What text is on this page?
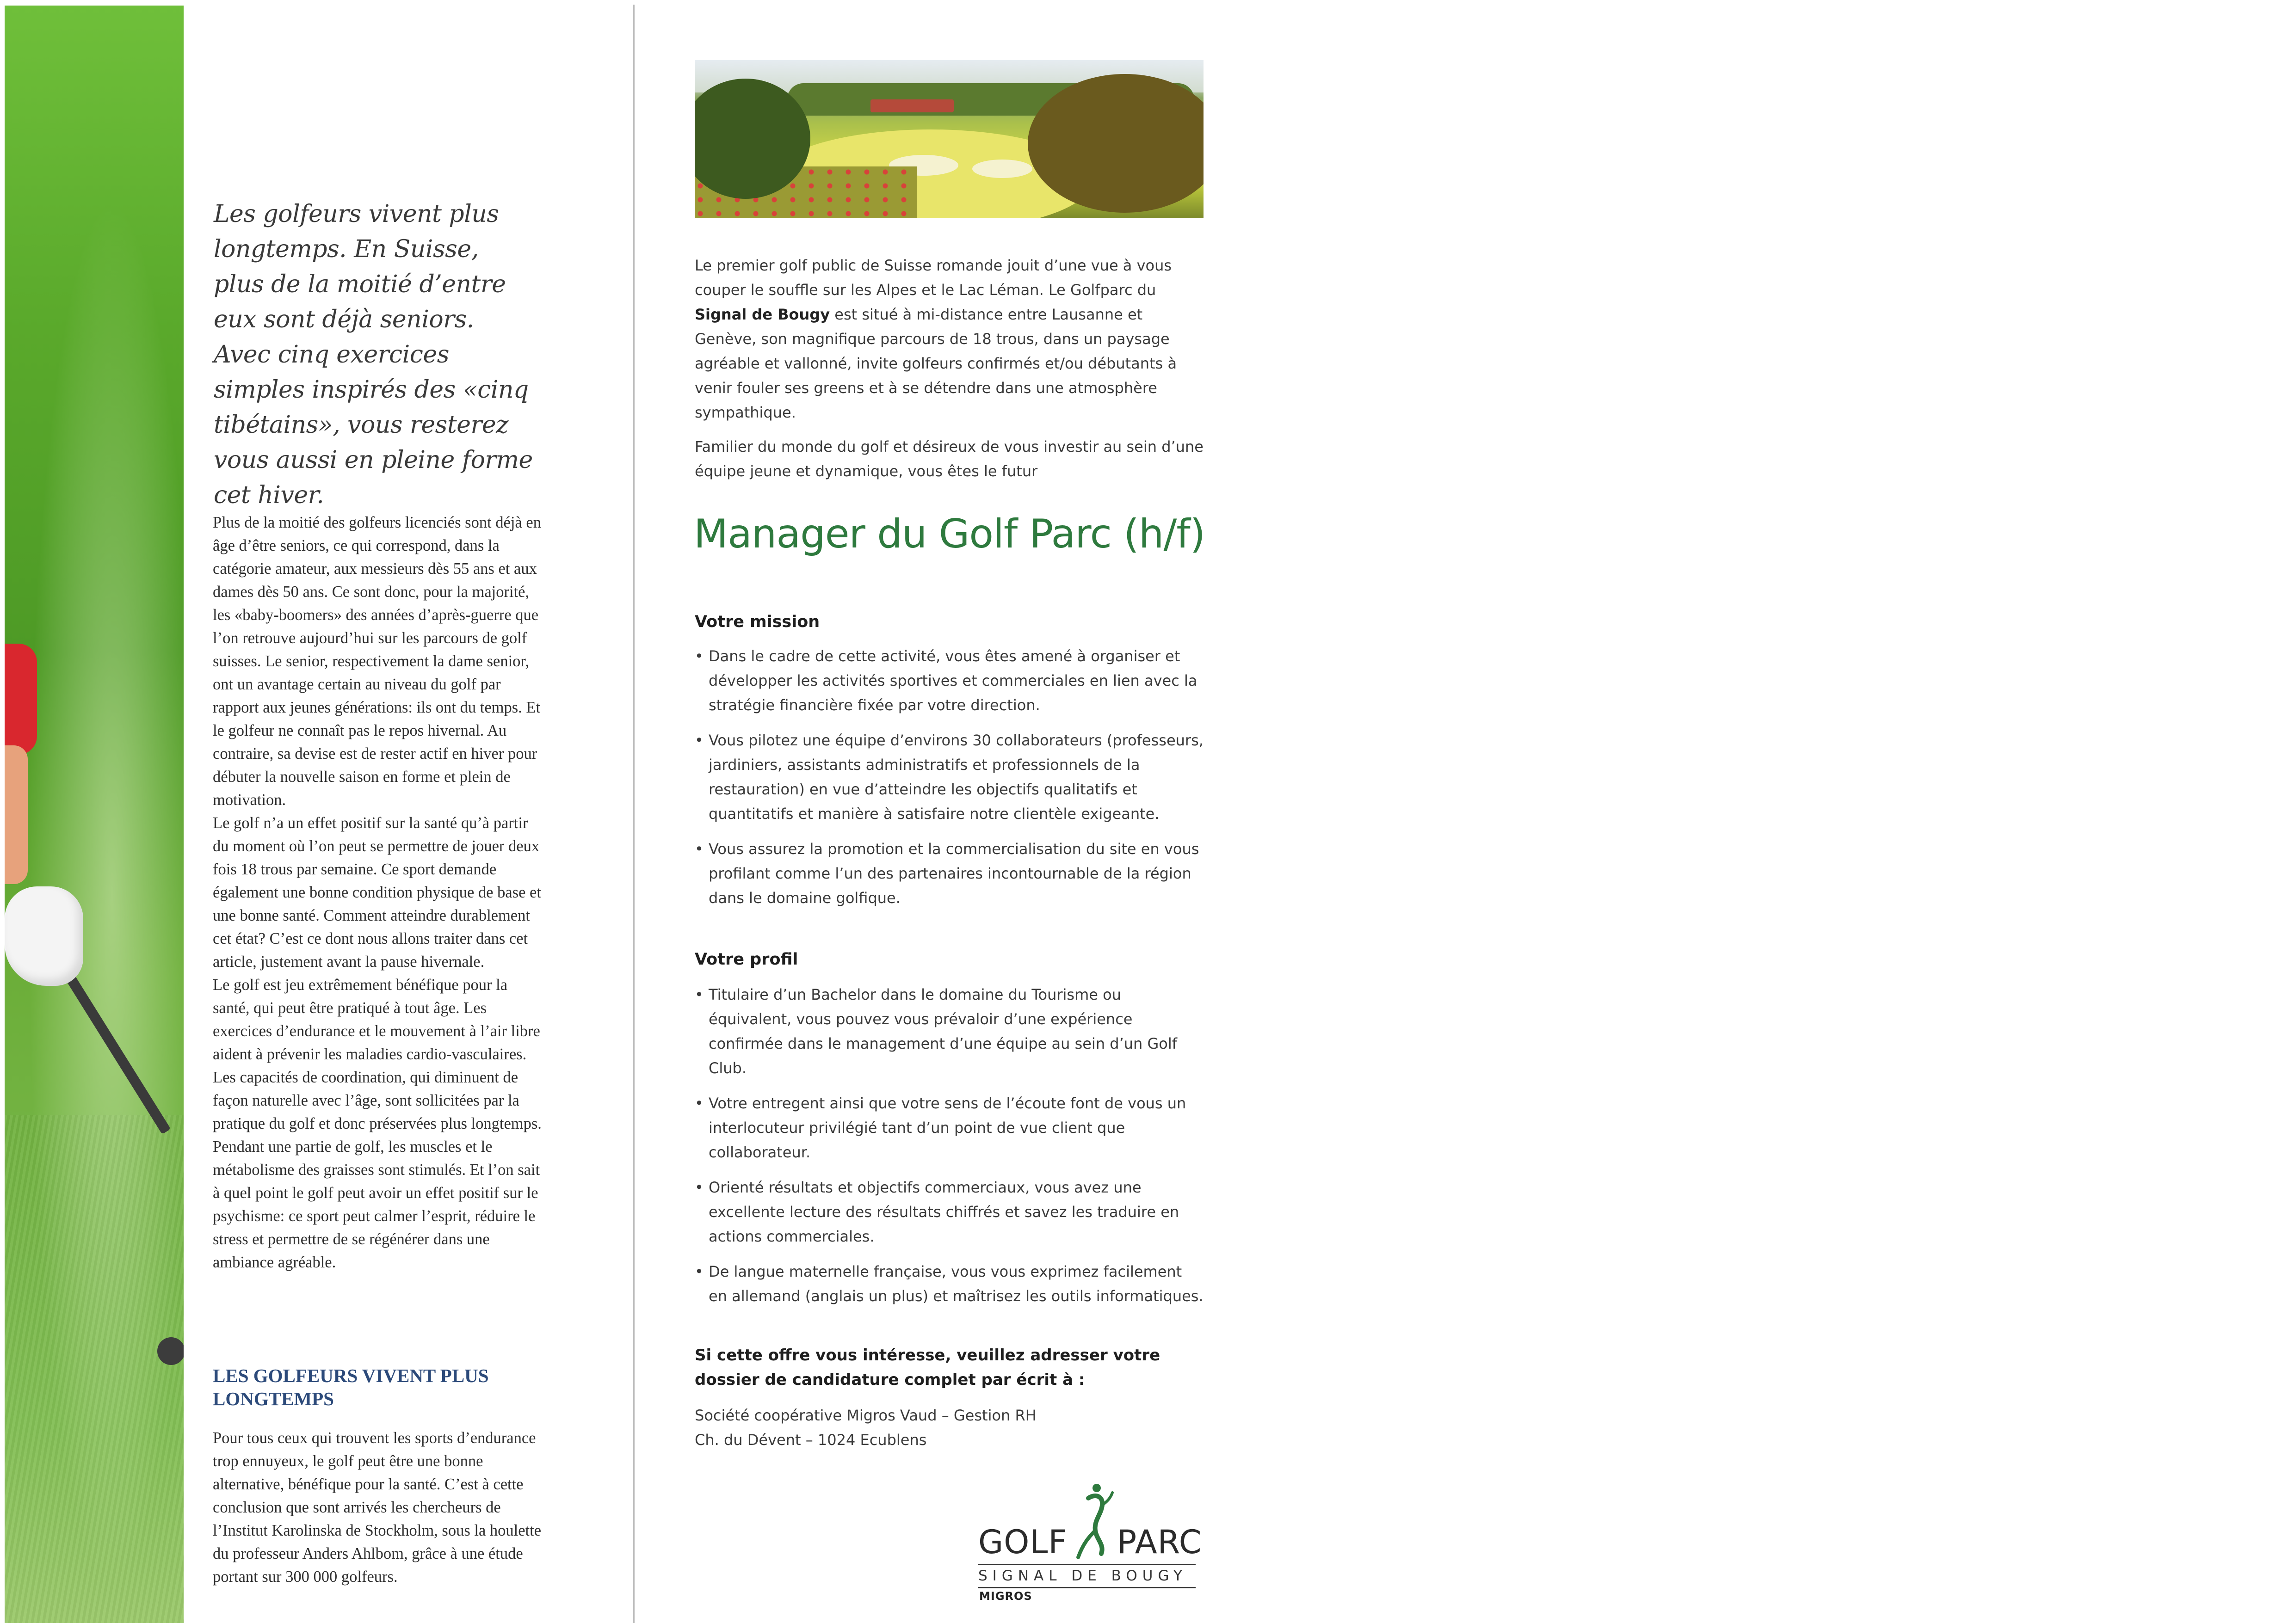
Les golfeurs vivent plus longtemps. En Suisse, plus de la moitié d’entre eux sont déjà seniors. Avec cinq exercices simples inspirés des «cinq tibétains», vous resterez vous aussi en pleine forme cet hiver.

Plus de la moitié des golfeurs licenciés sont déjà en âge d’être seniors, ce qui correspond, dans la catégorie amateur, aux messieurs dès 55 ans et aux dames dès 50 ans. Ce sont donc, pour la majorité, les «baby-boomers» des années d’après-guerre que l’on retrouve aujourd’hui sur les parcours de golf suisses. Le senior, respectivement la dame senior, ont un avantage certain au niveau du golf par rapport aux jeunes générations: ils ont du temps. Et le golfeur ne connaît pas le repos hivernal. Au contraire, sa devise est de rester actif en hiver pour débuter la nouvelle saison en forme et plein de motivation.

Le golf n’a un effet positif sur la santé qu’à partir du moment où l’on peut se permettre de jouer deux fois 18 trous par semaine. Ce sport demande également une bonne condition physique de base et une bonne santé. Comment atteindre durablement cet état? C’est ce dont nous allons traiter dans cet article, justement avant la pause hivernale.

Le golf est jeu extrêmement bénéfique pour la santé, qui peut être pratiqué à tout âge. Les exercices d’endurance et le mouvement à l’air libre aident à prévenir les maladies cardio-vasculaires. Les capacités de coordination, qui diminuent de façon naturelle avec l’âge, sont sollicitées par la pratique du golf et donc préservées plus longtemps. Pendant une partie de golf, les muscles et le métabolisme des graisses sont stimulés. Et l’on sait à quel point le golf peut avoir un effet positif sur le psychisme: ce sport peut calmer l’esprit, réduire le stress et permettre de se régénérer dans une ambiance agréable.

LES GOLFEURS VIVENT PLUS LONGTEMPS

Pour tous ceux qui trouvent les sports d’endurance trop ennuyeux, le golf peut être une bonne alternative, bénéfique pour la santé. C’est à cette conclusion que sont arrivés les chercheurs de l’Institut Karolinska de Stockholm, sous la houlette du professeur Anders Ahlbom, grâce à une étude portant sur 300 000 golfeurs.

Le premier golf public de Suisse romande jouit d’une vue à vous couper le souffle sur les Alpes et le Lac Léman. Le Golfparc du Signal de Bougy est situé à mi-distance entre Lausanne et Genève, son magnifique parcours de 18 trous, dans un paysage agréable et vallonné, invite golfeurs confirmés et/ou débutants à venir fouler ses greens et à se détendre dans une atmosphère sympathique.

Familier du monde du golf et désireux de vous investir au sein d’une équipe jeune et dynamique, vous êtes le futur

Manager du Golf Parc (h/f)
Votre mission
• Dans le cadre de cette activité, vous êtes amené à organiser et développer les activités sportives et commerciales en lien avec la stratégie financière fixée par votre direction.
• Vous pilotez une équipe d’environs 30 collaborateurs (professeurs, jardiniers, assistants administratifs et professionnels de la restauration) en vue d’atteindre les objectifs qualitatifs et quantitatifs et manière à satisfaire notre clientèle exigeante.
• Vous assurez la promotion et la commercialisation du site en vous profilant comme l’un des partenaires incontournable de la région dans le domaine golfique.
Votre profil
• Titulaire d’un Bachelor dans le domaine du Tourisme ou équivalent, vous pouvez vous prévaloir d’une expérience confirmée dans le management d’une équipe au sein d’un Golf Club.
• Votre entregent ainsi que votre sens de l’écoute font de vous un interlocuteur privilégié tant d’un point de vue client que collaborateur.
• Orienté résultats et objectifs commerciaux, vous avez une excellente lecture des résultats chiffrés et savez les traduire en actions commerciales.
• De langue maternelle française, vous vous exprimez facilement en allemand (anglais un plus) et maîtrisez les outils informatiques.
Si cette offre vous intéresse, veuillez adresser votre dossier de candidature complet par écrit à :

Société coopérative Migros Vaud – Gestion RH

Ch. du Dévent – 1024 Ecublens

GOLF PARC
SIGNAL DE BOUGY
MIGROS
